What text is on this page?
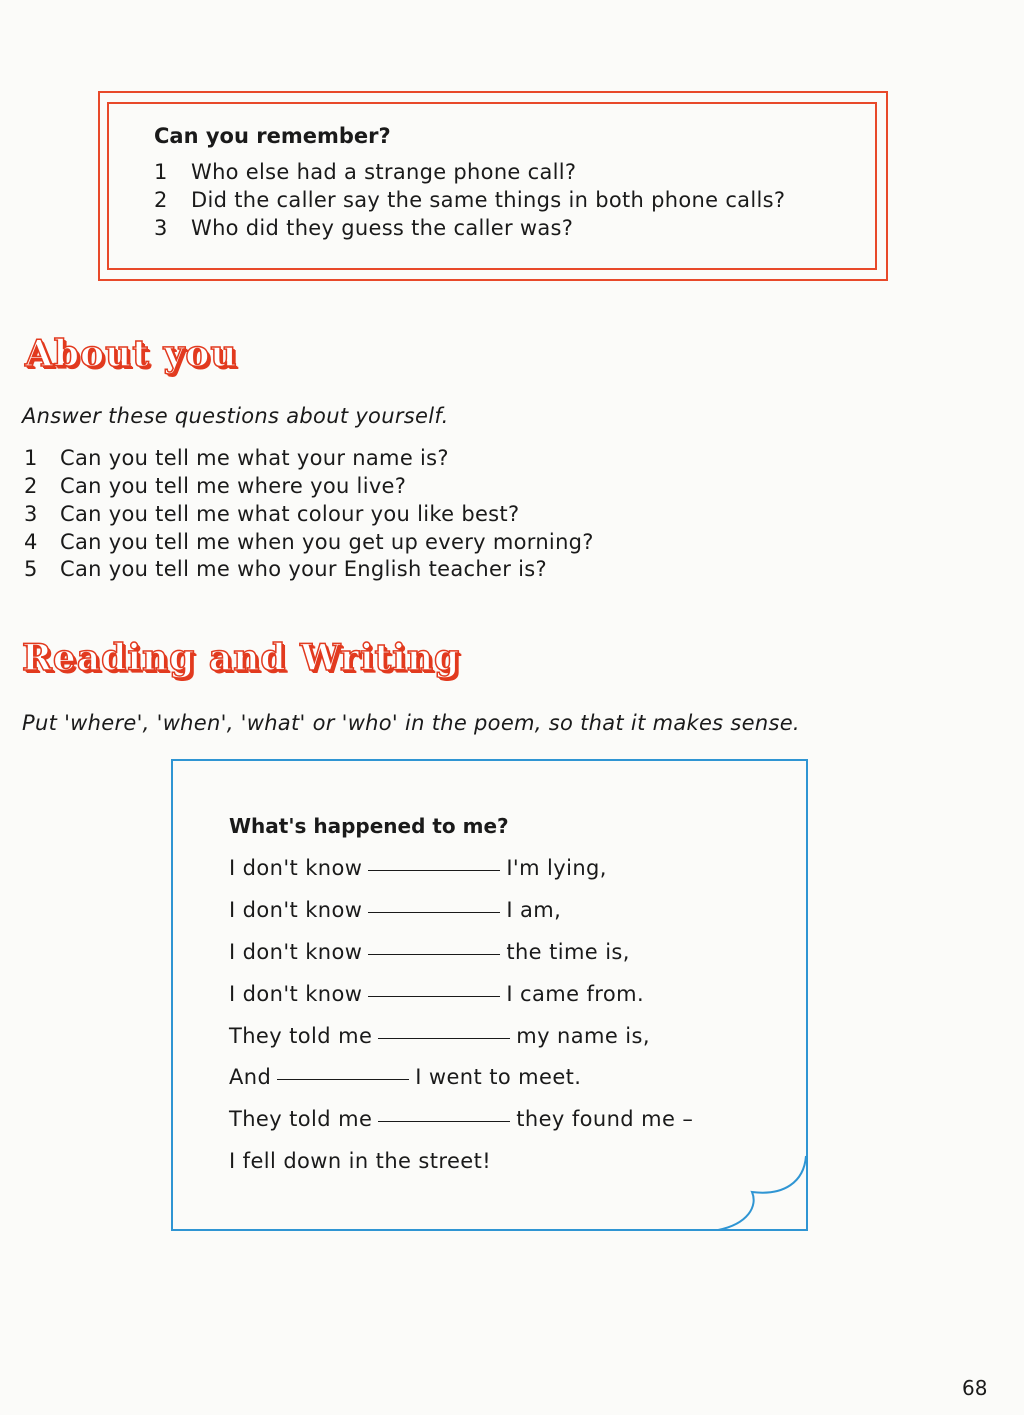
Can you remember?
1 Who else had a strange phone call?
2 Did the caller say the same things in both phone calls?
3 Who did they guess the caller was?
About you
Answer these questions about yourself.
1 Can you tell me what your name is?
2 Can you tell me where you live?
3 Can you tell me what colour you like best?
4 Can you tell me when you get up every morning?
5 Can you tell me who your English teacher is?
Reading and Writing
Put 'where', 'when', 'what' or 'who' in the poem, so that it makes sense.
What's happened to me?
I don't know	I'm lying,
I don't know	I am,
I don't know	the time is,
I don't know	I came from.
They told me	my name is,
And	I went to meet.
They told me	they found me –
I fell down in the street!
68
